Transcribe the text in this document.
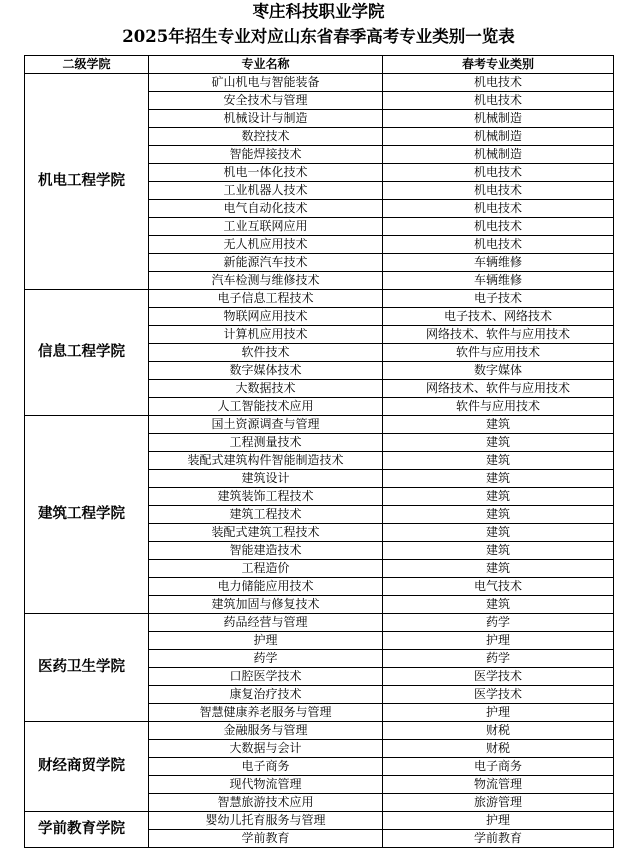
枣庄科技职业学院
2025年招生专业对应山东省春季高考专业类别一览表
二级学院	专业名称	春考专业类别
机电工程学院	矿山机电与智能装备	机电技术
	安全技术与管理	机电技术
	机械设计与制造	机械制造
	数控技术	机械制造
	智能焊接技术	机械制造
	机电一体化技术	机电技术
	工业机器人技术	机电技术
	电气自动化技术	机电技术
	工业互联网应用	机电技术
	无人机应用技术	机电技术
	新能源汽车技术	车辆维修
	汽车检测与维修技术	车辆维修
信息工程学院	电子信息工程技术	电子技术
	物联网应用技术	电子技术、网络技术
	计算机应用技术	网络技术、软件与应用技术
	软件技术	软件与应用技术
	数字媒体技术	数字媒体
	大数据技术	网络技术、软件与应用技术
	人工智能技术应用	软件与应用技术
建筑工程学院	国土资源调查与管理	建筑
	工程测量技术	建筑
	装配式建筑构件智能制造技术	建筑
	建筑设计	建筑
	建筑装饰工程技术	建筑
	建筑工程技术	建筑
	装配式建筑工程技术	建筑
	智能建造技术	建筑
	工程造价	建筑
	电力储能应用技术	电气技术
	建筑加固与修复技术	建筑
医药卫生学院	药品经营与管理	药学
	护理	护理
	药学	药学
	口腔医学技术	医学技术
	康复治疗技术	医学技术
	智慧健康养老服务与管理	护理
财经商贸学院	金融服务与管理	财税
	大数据与会计	财税
	电子商务	电子商务
	现代物流管理	物流管理
	智慧旅游技术应用	旅游管理
学前教育学院	婴幼儿托育服务与管理	护理
	学前教育	学前教育
